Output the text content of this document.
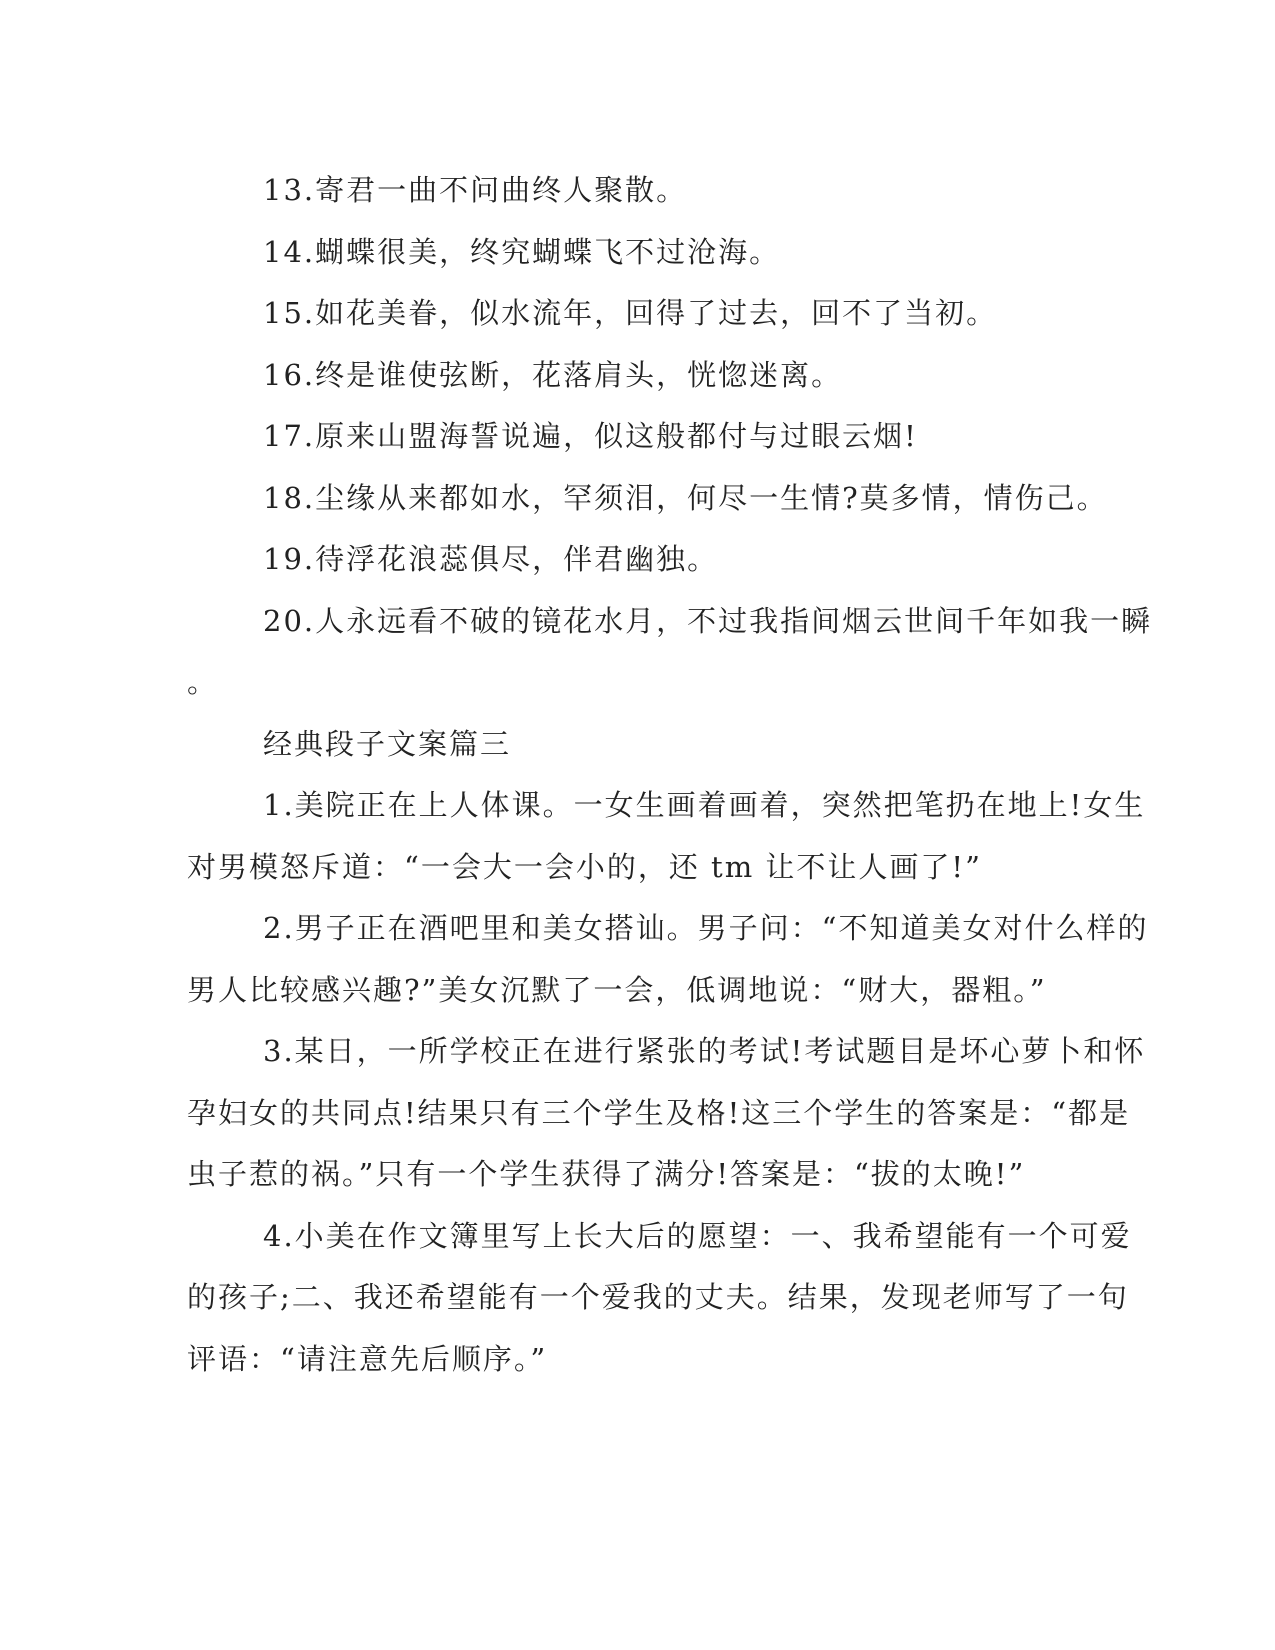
13.寄君一曲不问曲终人聚散。
14.蝴蝶很美，终究蝴蝶飞不过沧海。
15.如花美眷，似水流年，回得了过去，回不了当初。
16.终是谁使弦断，花落肩头，恍惚迷离。
17.原来山盟海誓说遍，似这般都付与过眼云烟!
18.尘缘从来都如水，罕须泪，何尽一生情?莫多情，情伤己。
19.待浮花浪蕊俱尽，伴君幽独。
20.人永远看不破的镜花水月，不过我指间烟云世间千年如我一瞬
。
经典段子文案篇三
1.美院正在上人体课。一女生画着画着，突然把笔扔在地上!女生
对男模怒斥道：“一会大一会小的，还 tm 让不让人画了!”
2.男子正在酒吧里和美女搭讪。男子问：“不知道美女对什么样的
男人比较感兴趣?”美女沉默了一会，低调地说：“财大，器粗。”
3.某日，一所学校正在进行紧张的考试!考试题目是坏心萝卜和怀
孕妇女的共同点!结果只有三个学生及格!这三个学生的答案是：“都是
虫子惹的祸。”只有一个学生获得了满分!答案是：“拔的太晚!”
4.小美在作文簿里写上长大后的愿望：一、我希望能有一个可爱
的孩子;二、我还希望能有一个爱我的丈夫。结果，发现老师写了一句
评语：“请注意先后顺序。”
